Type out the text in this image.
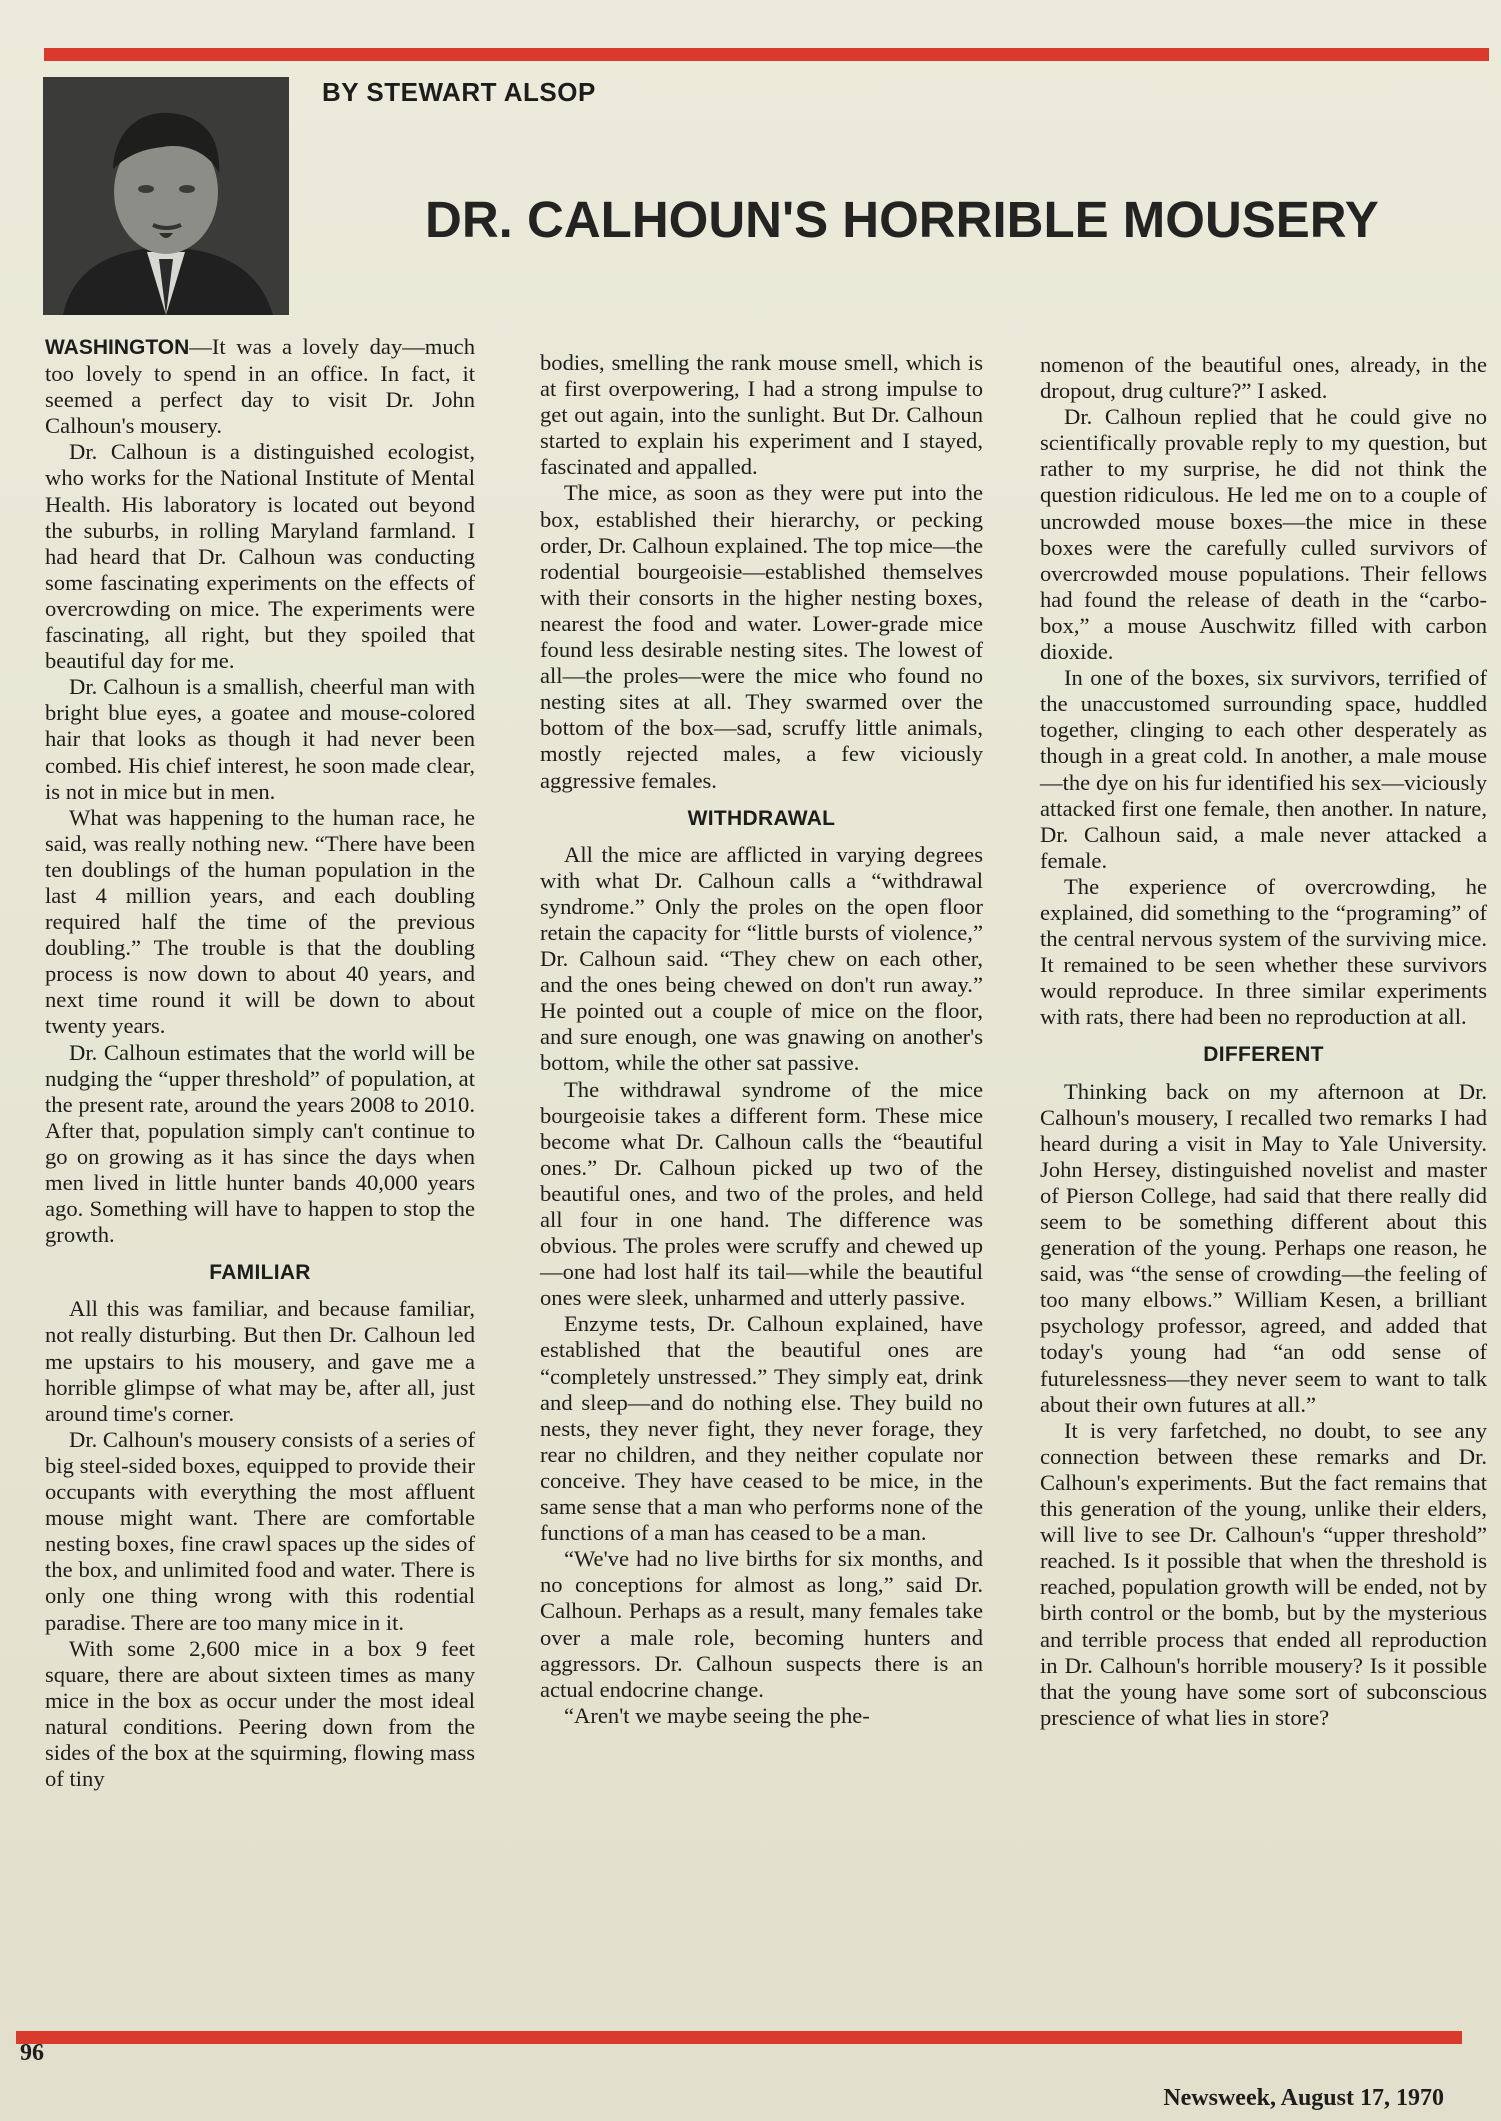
BY STEWART ALSOP
DR. CALHOUN'S HORRIBLE MOUSERY

WASHINGTON—It was a lovely day—much too lovely to spend in an office. In fact, it seemed a perfect day to visit Dr. John Calhoun's mousery.

Dr. Calhoun is a distinguished ecologist, who works for the National Institute of Mental Health. His laboratory is located out beyond the suburbs, in rolling Maryland farmland. I had heard that Dr. Calhoun was conducting some fascinating experiments on the effects of overcrowding on mice. The experiments were fascinating, all right, but they spoiled that beautiful day for me.

Dr. Calhoun is a smallish, cheerful man with bright blue eyes, a goatee and mouse-colored hair that looks as though it had never been combed. His chief interest, he soon made clear, is not in mice but in men.

What was happening to the human race, he said, was really nothing new. “There have been ten doublings of the human population in the last 4 million years, and each doubling required half the time of the previous doubling.” The trouble is that the doubling process is now down to about 40 years, and next time round it will be down to about twenty years.

Dr. Calhoun estimates that the world will be nudging the “upper threshold” of population, at the present rate, around the years 2008 to 2010. After that, population simply can't continue to go on growing as it has since the days when men lived in little hunter bands 40,000 years ago. Something will have to happen to stop the growth.

FAMILIAR

All this was familiar, and because familiar, not really disturbing. But then Dr. Calhoun led me upstairs to his mousery, and gave me a horrible glimpse of what may be, after all, just around time's corner.

Dr. Calhoun's mousery consists of a series of big steel-sided boxes, equipped to provide their occupants with everything the most affluent mouse might want. There are comfortable nesting boxes, fine crawl spaces up the sides of the box, and unlimited food and water. There is only one thing wrong with this rodential paradise. There are too many mice in it.

With some 2,600 mice in a box 9 feet square, there are about sixteen times as many mice in the box as occur under the most ideal natural conditions. Peering down from the sides of the box at the squirming, flowing mass of tiny

bodies, smelling the rank mouse smell, which is at first overpowering, I had a strong impulse to get out again, into the sunlight. But Dr. Calhoun started to explain his experiment and I stayed, fascinated and appalled.

The mice, as soon as they were put into the box, established their hierarchy, or pecking order, Dr. Calhoun explained. The top mice—the rodential bourgeoisie—established themselves with their consorts in the higher nesting boxes, nearest the food and water. Lower-grade mice found less desirable nesting sites. The lowest of all—the proles—were the mice who found no nesting sites at all. They swarmed over the bottom of the box—sad, scruffy little animals, mostly rejected males, a few viciously aggressive females.

WITHDRAWAL

All the mice are afflicted in varying degrees with what Dr. Calhoun calls a “withdrawal syndrome.” Only the proles on the open floor retain the capacity for “little bursts of violence,” Dr. Calhoun said. “They chew on each other, and the ones being chewed on don't run away.” He pointed out a couple of mice on the floor, and sure enough, one was gnawing on another's bottom, while the other sat passive.

The withdrawal syndrome of the mice bourgeoisie takes a different form. These mice become what Dr. Calhoun calls the “beautiful ones.” Dr. Calhoun picked up two of the beautiful ones, and two of the proles, and held all four in one hand. The difference was obvious. The proles were scruffy and chewed up—one had lost half its tail—while the beautiful ones were sleek, unharmed and utterly passive.

Enzyme tests, Dr. Calhoun explained, have established that the beautiful ones are “completely unstressed.” They simply eat, drink and sleep—and do nothing else. They build no nests, they never fight, they never forage, they rear no children, and they neither copulate nor conceive. They have ceased to be mice, in the same sense that a man who performs none of the functions of a man has ceased to be a man.

“We've had no live births for six months, and no conceptions for almost as long,” said Dr. Calhoun. Perhaps as a result, many females take over a male role, becoming hunters and aggressors. Dr. Calhoun suspects there is an actual endocrine change.

“Aren't we maybe seeing the phe-

nomenon of the beautiful ones, already, in the dropout, drug culture?” I asked.

Dr. Calhoun replied that he could give no scientifically provable reply to my question, but rather to my surprise, he did not think the question ridiculous. He led me on to a couple of uncrowded mouse boxes—the mice in these boxes were the carefully culled survivors of overcrowded mouse populations. Their fellows had found the release of death in the “carbo-box,” a mouse Auschwitz filled with carbon dioxide.

In one of the boxes, six survivors, terrified of the unaccustomed surrounding space, huddled together, clinging to each other desperately as though in a great cold. In another, a male mouse—the dye on his fur identified his sex—viciously attacked first one female, then another. In nature, Dr. Calhoun said, a male never attacked a female.

The experience of overcrowding, he explained, did something to the “programing” of the central nervous system of the surviving mice. It remained to be seen whether these survivors would reproduce. In three similar experiments with rats, there had been no reproduction at all.

DIFFERENT

Thinking back on my afternoon at Dr. Calhoun's mousery, I recalled two remarks I had heard during a visit in May to Yale University. John Hersey, distinguished novelist and master of Pierson College, had said that there really did seem to be something different about this generation of the young. Perhaps one reason, he said, was “the sense of crowding—the feeling of too many elbows.” William Kesen, a brilliant psychology professor, agreed, and added that today's young had “an odd sense of futurelessness—they never seem to want to talk about their own futures at all.”

It is very farfetched, no doubt, to see any connection between these remarks and Dr. Calhoun's experiments. But the fact remains that this generation of the young, unlike their elders, will live to see Dr. Calhoun's “upper threshold” reached. Is it possible that when the threshold is reached, population growth will be ended, not by birth control or the bomb, but by the mysterious and terrible process that ended all reproduction in Dr. Calhoun's horrible mousery? Is it possible that the young have some sort of subconscious prescience of what lies in store?

96
Newsweek, August 17, 1970
